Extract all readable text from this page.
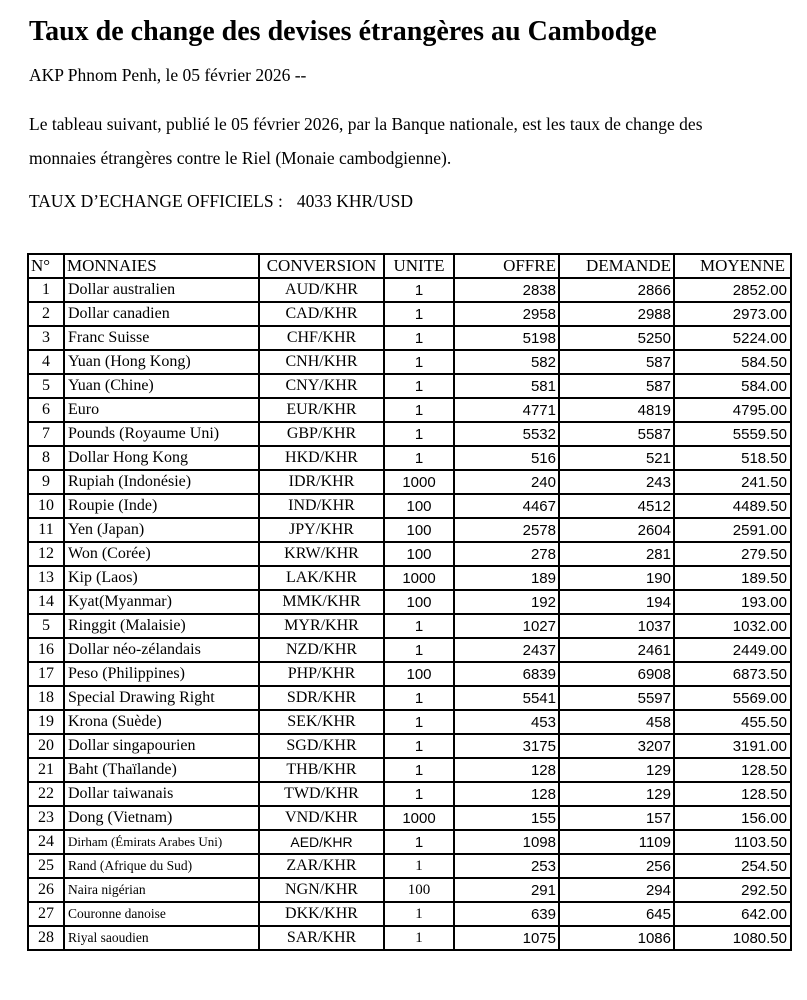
Taux de change des devises étrangères au Cambodge
AKP Phnom Penh, le 05 février 2026 --
Le tableau suivant, publié le 05 février 2026, par la Banque nationale, est les taux de change des
monnaies étrangères contre le Riel (Monaie cambodgienne).
TAUX D’ECHANGE OFFICIELS : 4033 KHR/USD
N°	MONNAIES	CONVERSION	UNITE	OFFRE	DEMANDE	MOYENNE
1	Dollar australien	AUD/KHR	1	2838	2866	2852.00
2	Dollar canadien	CAD/KHR	1	2958	2988	2973.00
3	Franc Suisse	CHF/KHR	1	5198	5250	5224.00
4	Yuan (Hong Kong)	CNH/KHR	1	582	587	584.50
5	Yuan (Chine)	CNY/KHR	1	581	587	584.00
6	Euro	EUR/KHR	1	4771	4819	4795.00
7	Pounds (Royaume Uni)	GBP/KHR	1	5532	5587	5559.50
8	Dollar Hong Kong	HKD/KHR	1	516	521	518.50
9	Rupiah (Indonésie)	IDR/KHR	1000	240	243	241.50
10	Roupie (Inde)	IND/KHR	100	4467	4512	4489.50
11	Yen (Japan)	JPY/KHR	100	2578	2604	2591.00
12	Won (Corée)	KRW/KHR	100	278	281	279.50
13	Kip (Laos)	LAK/KHR	1000	189	190	189.50
14	Kyat(Myanmar)	MMK/KHR	100	192	194	193.00
5	Ringgit (Malaisie)	MYR/KHR	1	1027	1037	1032.00
16	Dollar néo-zélandais	NZD/KHR	1	2437	2461	2449.00
17	Peso (Philippines)	PHP/KHR	100	6839	6908	6873.50
18	Special Drawing Right	SDR/KHR	1	5541	5597	5569.00
19	Krona (Suède)	SEK/KHR	1	453	458	455.50
20	Dollar singapourien	SGD/KHR	1	3175	3207	3191.00
21	Baht (Thaïlande)	THB/KHR	1	128	129	128.50
22	Dollar taiwanais	TWD/KHR	1	128	129	128.50
23	Dong (Vietnam)	VND/KHR	1000	155	157	156.00
24	Dirham (Émirats Arabes Uni)	AED/KHR	1	1098	1109	1103.50
25	Rand (Afrique du Sud)	ZAR/KHR	1	253	256	254.50
26	Naira nigérian	NGN/KHR	100	291	294	292.50
27	Couronne danoise	DKK/KHR	1	639	645	642.00
28	Riyal saoudien	SAR/KHR	1	1075	1086	1080.50
